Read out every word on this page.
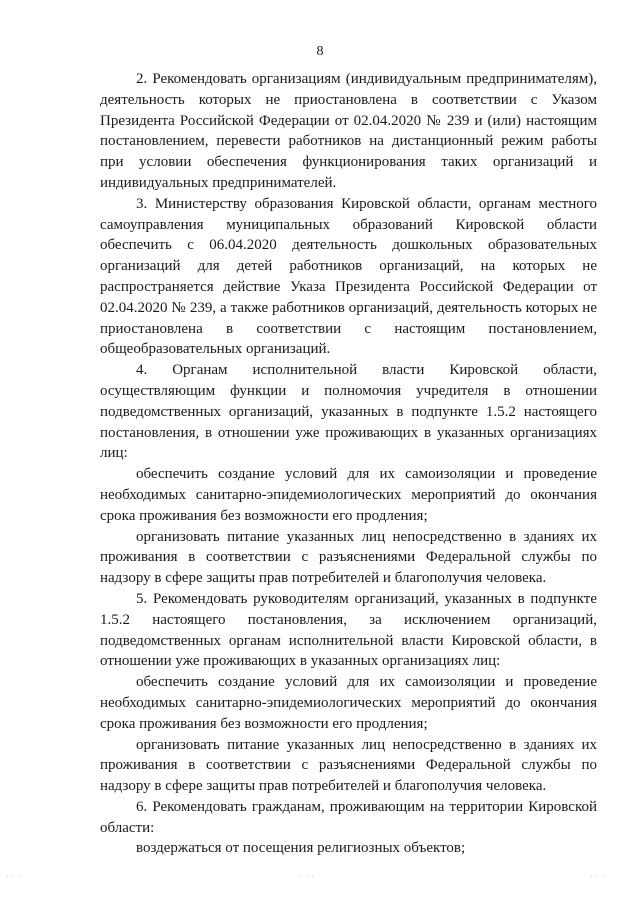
8

2. Рекомендовать организациям (индивидуальным предпринимателям), деятельность которых не приостановлена в соответствии с Указом Президента Российской Федерации от 02.04.2020 № 239 и (или) настоящим постановлением, перевести работников на дистанционный режим работы при условии обеспечения функционирования таких организаций и индивидуальных предпринимателей.

3. Министерству образования Кировской области, органам местного самоуправления муниципальных образований Кировской области обеспечить с 06.04.2020 деятельность дошкольных образовательных организаций для детей работников организаций, на которых не распространяется действие Указа Президента Российской Федерации от 02.04.2020 № 239, а также работников организаций, деятельность которых не приостановлена в соответствии с настоящим постановлением, общеобразовательных организаций.

4. Органам исполнительной власти Кировской области, осуществляющим функции и полномочия учредителя в отношении подведомственных организаций, указанных в подпункте 1.5.2 настоящего постановления, в отношении уже проживающих в указанных организациях лиц:

обеспечить создание условий для их самоизоляции и проведение необходимых санитарно-эпидемиологических мероприятий до окончания срока проживания без возможности его продления;

организовать питание указанных лиц непосредственно в зданиях их проживания в соответствии с разъяснениями Федеральной службы по надзору в сфере защиты прав потребителей и благополучия человека.

5. Рекомендовать руководителям организаций, указанных в подпункте 1.5.2 настоящего постановления, за исключением организаций, подведомственных органам исполнительной власти Кировской области, в отношении уже проживающих в указанных организациях лиц:

обеспечить создание условий для их самоизоляции и проведение необходимых санитарно-эпидемиологических мероприятий до окончания срока проживания без возможности его продления;

организовать питание указанных лиц непосредственно в зданиях их проживания в соответствии с разъяснениями Федеральной службы по надзору в сфере защиты прав потребителей и благополучия человека.

6. Рекомендовать гражданам, проживающим на территории Кировской области:

воздержаться от посещения религиозных объектов;

. . .	. . .	. . .
